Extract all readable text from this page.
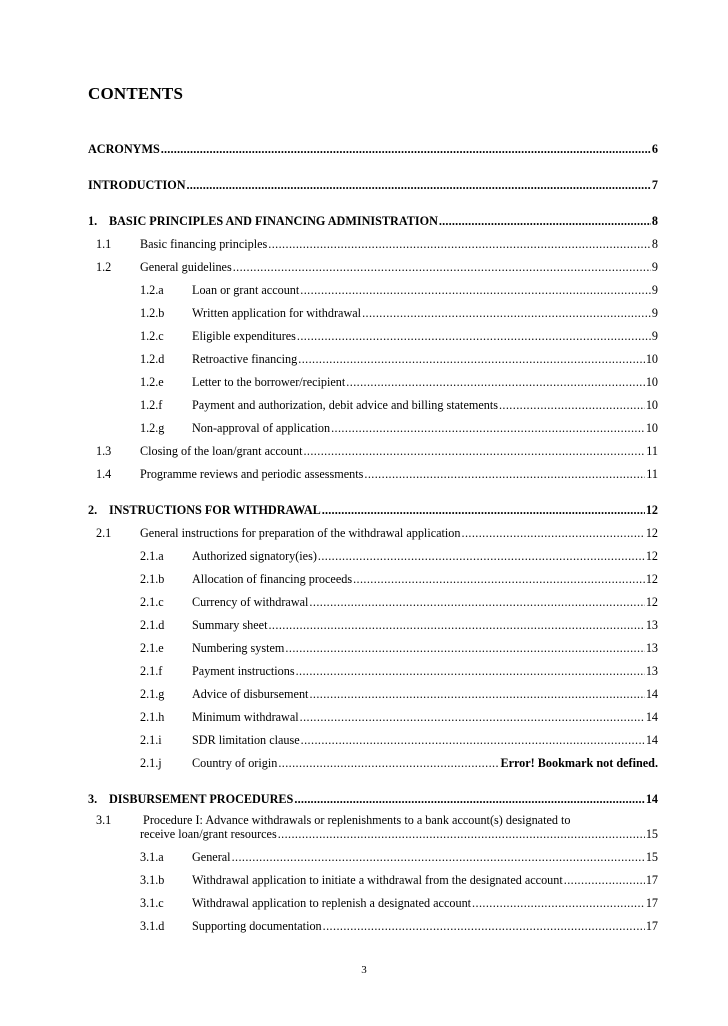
CONTENTS
ACRONYMS .....	6
INTRODUCTION .....	7
1. BASIC PRINCIPLES AND FINANCING ADMINISTRATION .....	8
1.1	Basic financing principles .....	8
1.2	General guidelines .....	9
1.2.a	Loan or grant account .....	9
1.2.b	Written application for withdrawal .....	9
1.2.c	Eligible expenditures .....	9
1.2.d	Retroactive financing .....	10
1.2.e	Letter to the borrower/recipient .....	10
1.2.f	Payment and authorization, debit advice and billing statements .....	10
1.2.g	Non-approval of application .....	10
1.3	Closing of the loan/grant account .....	11
1.4	Programme reviews and periodic assessments .....	11
2. INSTRUCTIONS FOR WITHDRAWAL .....	12
2.1	General instructions for preparation of the withdrawal application .....	12
2.1.a	Authorized signatory(ies) .....	12
2.1.b	Allocation of financing proceeds .....	12
2.1.c	Currency of withdrawal .....	12
2.1.d	Summary sheet .....	13
2.1.e	Numbering system .....	13
2.1.f	Payment instructions .....	13
2.1.g	Advice of disbursement .....	14
2.1.h	Minimum withdrawal .....	14
2.1.i	SDR limitation clause .....	14
2.1.j	Country of origin .....	Error! Bookmark not defined.
3. DISBURSEMENT PROCEDURES .....	14
3.1	Procedure I: Advance withdrawals or replenishments to a bank account(s) designated to
receive loan/grant resources .....	15
3.1.a	General .....	15
3.1.b	Withdrawal application to initiate a withdrawal from the designated account .....	17
3.1.c	Withdrawal application to replenish a designated account .....	17
3.1.d	Supporting documentation .....	17
3
